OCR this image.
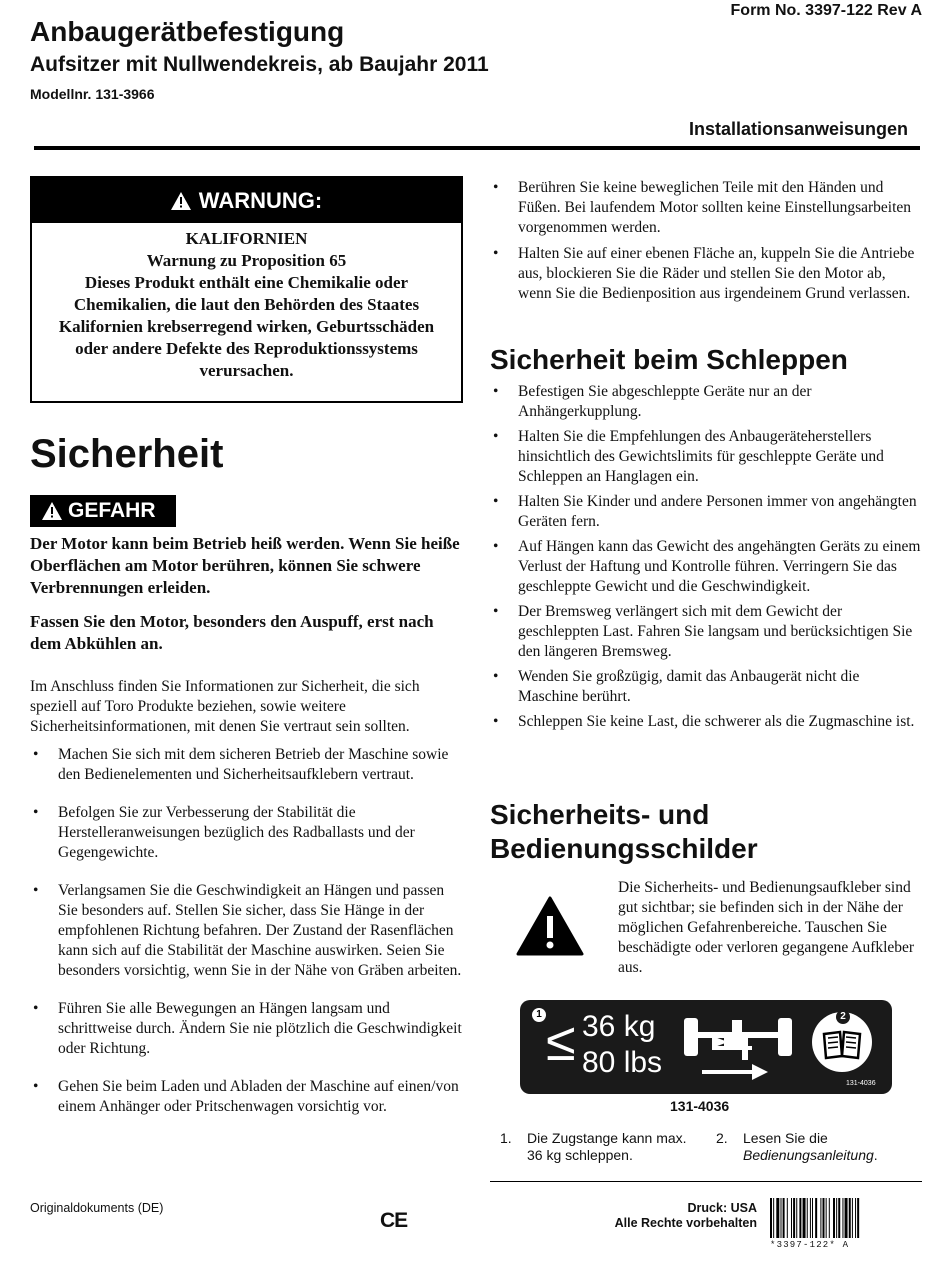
Form No. 3397-122 Rev A
Anbaugerätbefestigung
Aufsitzer mit Nullwendekreis, ab Baujahr 2011
Modellnr. 131-3966
Installationsanweisungen
WARNUNG:
KALIFORNIEN
Warnung zu Proposition 65
Dieses Produkt enthält eine Chemikalie oder Chemikalien, die laut den Behörden des Staates Kalifornien krebserregend wirken, Geburtsschäden oder andere Defekte des Reproduktionssystems verursachen.
Sicherheit
GEFAHR
Der Motor kann beim Betrieb heiß werden. Wenn Sie heiße Oberflächen am Motor berühren, können Sie schwere Verbrennungen erleiden.
Fassen Sie den Motor, besonders den Auspuff, erst nach dem Abkühlen an.
Im Anschluss finden Sie Informationen zur Sicherheit, die sich speziell auf Toro Produkte beziehen, sowie weitere Sicherheitsinformationen, mit denen Sie vertraut sein sollten.
• Machen Sie sich mit dem sicheren Betrieb der Maschine sowie den Bedienelementen und Sicherheitsaufklebern vertraut.
• Befolgen Sie zur Verbesserung der Stabilität die Herstelleranweisungen bezüglich des Radballasts und der Gegengewichte.
• Verlangsamen Sie die Geschwindigkeit an Hängen und passen Sie besonders auf. Stellen Sie sicher, dass Sie Hänge in der empfohlenen Richtung befahren. Der Zustand der Rasenflächen kann sich auf die Stabilität der Maschine auswirken. Seien Sie besonders vorsichtig, wenn Sie in der Nähe von Gräben arbeiten.
• Führen Sie alle Bewegungen an Hängen langsam und schrittweise durch. Ändern Sie nie plötzlich die Geschwindigkeit oder Richtung.
• Gehen Sie beim Laden und Abladen der Maschine auf einen/von einem Anhänger oder Pritschenwagen vorsichtig vor.
• Berühren Sie keine beweglichen Teile mit den Händen und Füßen. Bei laufendem Motor sollten keine Einstellungsarbeiten vorgenommen werden.
• Halten Sie auf einer ebenen Fläche an, kuppeln Sie die Antriebe aus, blockieren Sie die Räder und stellen Sie den Motor ab, wenn Sie die Bedienposition aus irgendeinem Grund verlassen.
Sicherheit beim Schleppen
• Befestigen Sie abgeschleppte Geräte nur an der Anhängerkupplung.
• Halten Sie die Empfehlungen des Anbaugeräteherstellers hinsichtlich des Gewichtslimits für geschleppte Geräte und Schleppen an Hanglagen ein.
• Halten Sie Kinder und andere Personen immer von angehängten Geräten fern.
• Auf Hängen kann das Gewicht des angehängten Geräts zu einem Verlust der Haftung und Kontrolle führen. Verringern Sie das geschleppte Gewicht und die Geschwindigkeit.
• Der Bremsweg verlängert sich mit dem Gewicht der geschleppten Last. Fahren Sie langsam und berücksichtigen Sie den längeren Bremsweg.
• Wenden Sie großzügig, damit das Anbaugerät nicht die Maschine berührt.
• Schleppen Sie keine Last, die schwerer als die Zugmaschine ist.
Sicherheits- und Bedienungsschilder
Die Sicherheits- und Bedienungsaufkleber sind gut sichtbar; sie befinden sich in der Nähe der möglichen Gefahrenbereiche. Tauschen Sie beschädigte oder verloren gegangene Aufkleber aus.
1 ≤ 36 kg
80 lbs
2
131-4036
131-4036
1. Die Zugstange kann max. 36 kg schleppen.
2. Lesen Sie die
Bedienungsanleitung.
Originaldokuments (DE)
CE
Druck: USA
Alle Rechte vorbehalten
*3397-122* A
